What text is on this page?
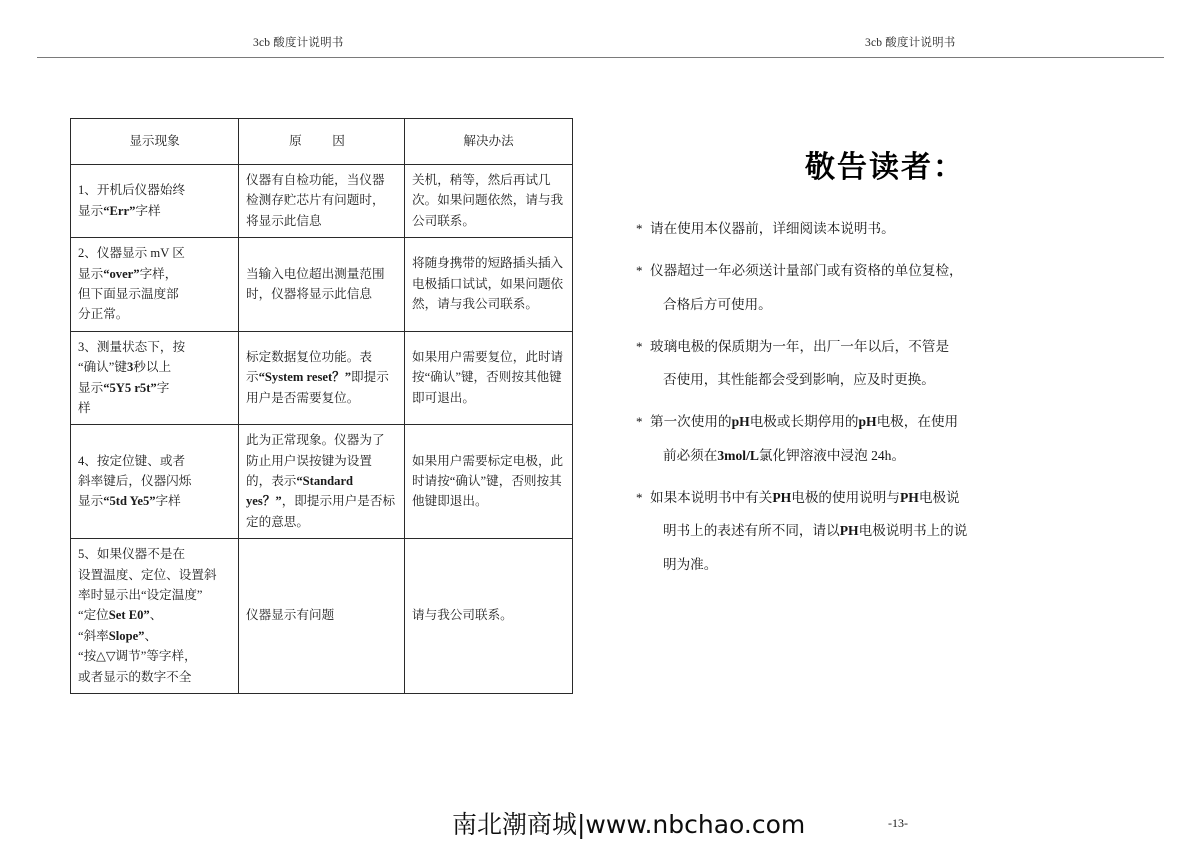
3cb 酸度计说明书	3cb 酸度计说明书
显示现象	原　因	解决办法

1、开机后仪器始终
显示“Err”字样	仪器有自检功能，当仪器检测存贮芯片有问题时，将显示此信息	关机，稍等，然后再试几次。如果问题依然，请与我公司联系。

2、仪器显示 mV 区
显示“over”字样，
但下面显示温度部
分正常。	当输入电位超出测量范围时，仪器将显示此信息	将随身携带的短路插头插入电极插口试试，如果问题依然，请与我公司联系。

3、测量状态下，按
“确认”键3秒以上
显示“5Y5 r5t”字
样	标定数据复位功能。表示“System reset？”即提示用户是否需要复位。	如果用户需要复位，此时请按“确认”键，否则按其他键即可退出。

4、按定位键、或者
斜率键后，仪器闪烁
显示“5td Ye5”字样	此为正常现象。仪器为了防止用户误按键为设置的，表示“Standard yes？”，即提示用户是否标定的意思。	如果用户需要标定电极，此时请按“确认”键，否则按其他键即退出。

5、如果仪器不是在
设置温度、定位、设置斜
率时显示出“设定温度”
“定位Set E0”、
“斜率Slope”、
“按△▽调节”等字样，
或者显示的数字不全
	仪器显示有问题	请与我公司联系。
敬告读者：
* 请在使用本仪器前，详细阅读本说明书。
* 仪器超过一年必须送计量部门或有资格的单位复检，
合格后方可使用。
* 玻璃电极的保质期为一年，出厂一年以后，不管是
否使用，其性能都会受到影响，应及时更换。
* 第一次使用的pH电极或长期停用的pH电极，在使用
前必须在3mol/L氯化钾溶液中浸泡 24h。
* 如果本说明书中有关PH电极的使用说明与PH电极说
明书上的表述有所不同，请以PH电极说明书上的说
明为准。
南北潮商城|www.nbchao.com	-13-
